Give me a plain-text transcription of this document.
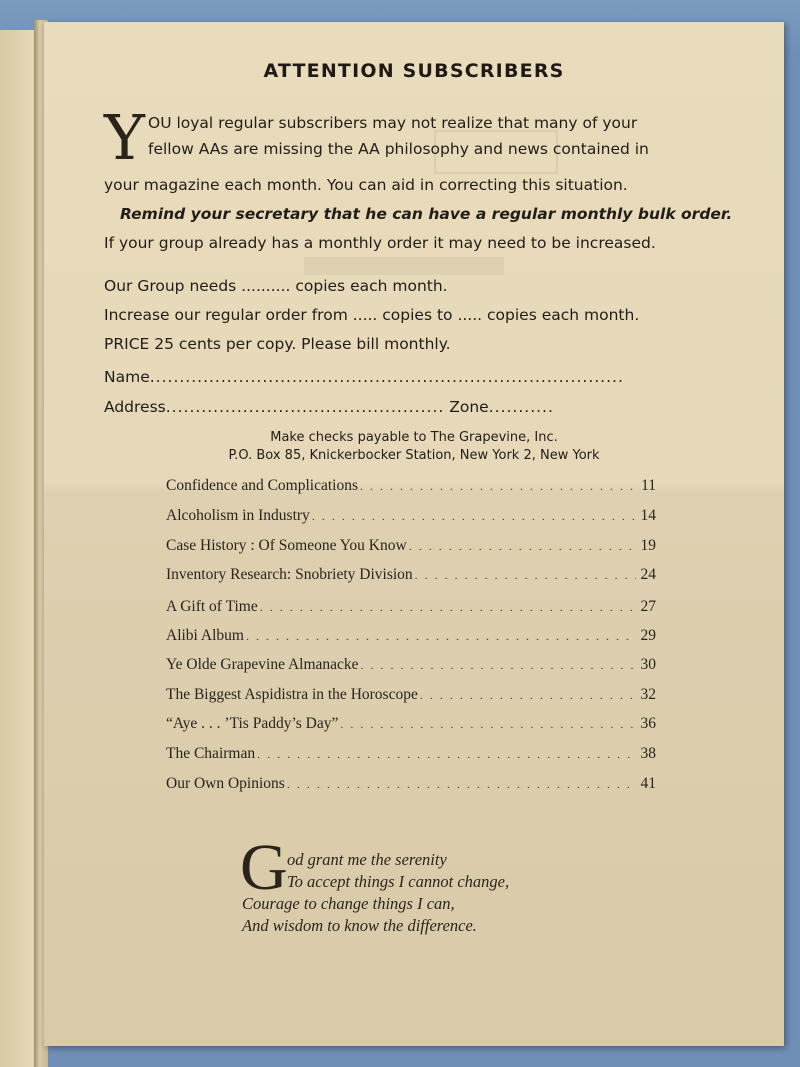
ATTENTION SUBSCRIBERS
Y OU loyal regular subscribers may not realize that many of your
fellow AAs are missing the AA philosophy and news contained in
your magazine each month. You can aid in correcting this situation.
Remind your secretary that he can have a regular monthly bulk order.
If your group already has a monthly order it may need to be increased.
Our Group needs .......... copies each month.
Increase our regular order from ..... copies to ..... copies each month.
PRICE 25 cents per copy. Please bill monthly.
Name................................................................................
Address............................................... Zone...........
Make checks payable to The Grapevine, Inc.
P.O. Box 85, Knickerbocker Station, New York 2, New York
Confidence and Complications . . .	11
Alcoholism in Industry . . .	14
Case History : Of Someone You Know . . .	19
Inventory Research: Snobriety Division . . .	24
A Gift of Time . . .	27
Alibi Album . . .	29
Ye Olde Grapevine Almanacke . . .	30
The Biggest Aspidistra in the Horoscope . . .	32
“Aye . . . ’Tis Paddy’s Day” . . .	36
The Chairman . . .	38
Our Own Opinions . . .	41
G od grant me the serenity
To accept things I cannot change,
Courage to change things I can,
And wisdom to know the difference.
